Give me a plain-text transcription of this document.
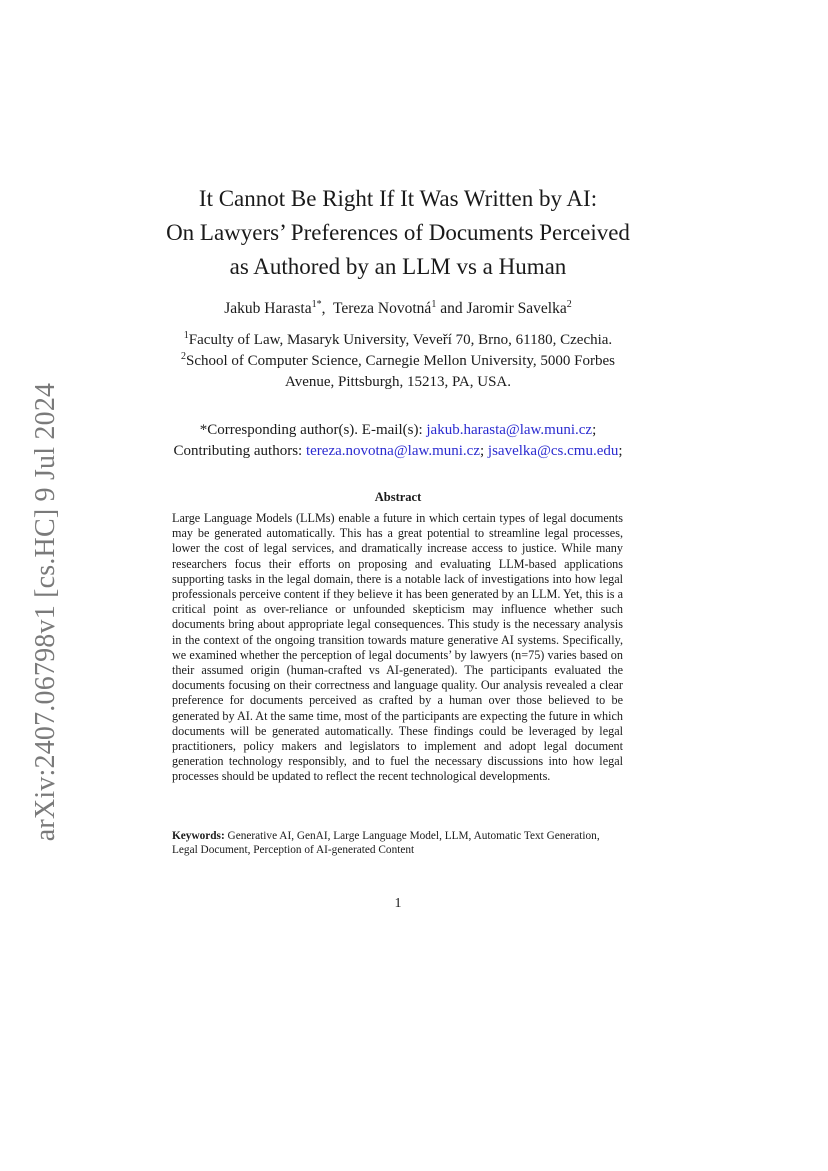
arXiv:2407.06798v1 [cs.HC] 9 Jul 2024
It Cannot Be Right If It Was Written by AI:
On Lawyers’ Preferences of Documents Perceived
as Authored by an LLM vs a Human
Jakub Harasta$^{1*}$,  Tereza Novotná$^1$ and Jaromir Savelka$^2$
$^1$Faculty of Law, Masaryk University, Veveří 70, Brno, 61180, Czechia.
$^2$School of Computer Science, Carnegie Mellon University, 5000 Forbes
Avenue, Pittsburgh, 15213, PA, USA.
*Corresponding author(s). E-mail(s): jakub.harasta@law.muni.cz;
Contributing authors: tereza.novotna@law.muni.cz; jsavelka@cs.cmu.edu;
Abstract
Large Language Models (LLMs) enable a future in which certain types of legal documents may be generated automatically. This has a great potential to streamline legal processes, lower the cost of legal services, and dramatically increase access to justice. While many researchers focus their efforts on proposing and evaluating LLM-based applications supporting tasks in the legal domain, there is a notable lack of investigations into how legal professionals perceive content if they believe it has been generated by an LLM. Yet, this is a critical point as over-reliance or unfounded skepticism may influence whether such documents bring about appropriate legal consequences. This study is the necessary analysis in the context of the ongoing transition towards mature generative AI systems. Specifically, we examined whether the perception of legal documents’ by lawyers (n=75) varies based on their assumed origin (human-crafted vs AI-generated). The participants evaluated the documents focusing on their correctness and language quality. Our analysis revealed a clear preference for documents perceived as crafted by a human over those believed to be generated by AI. At the same time, most of the participants are expecting the future in which documents will be generated automatically. These findings could be leveraged by legal practitioners, policy makers and legislators to implement and adopt legal document generation technology responsibly, and to fuel the necessary discussions into how legal processes should be updated to reflect the recent technological developments.
Keywords: Generative AI, GenAI, Large Language Model, LLM, Automatic Text Generation, Legal Document, Perception of AI-generated Content
1
